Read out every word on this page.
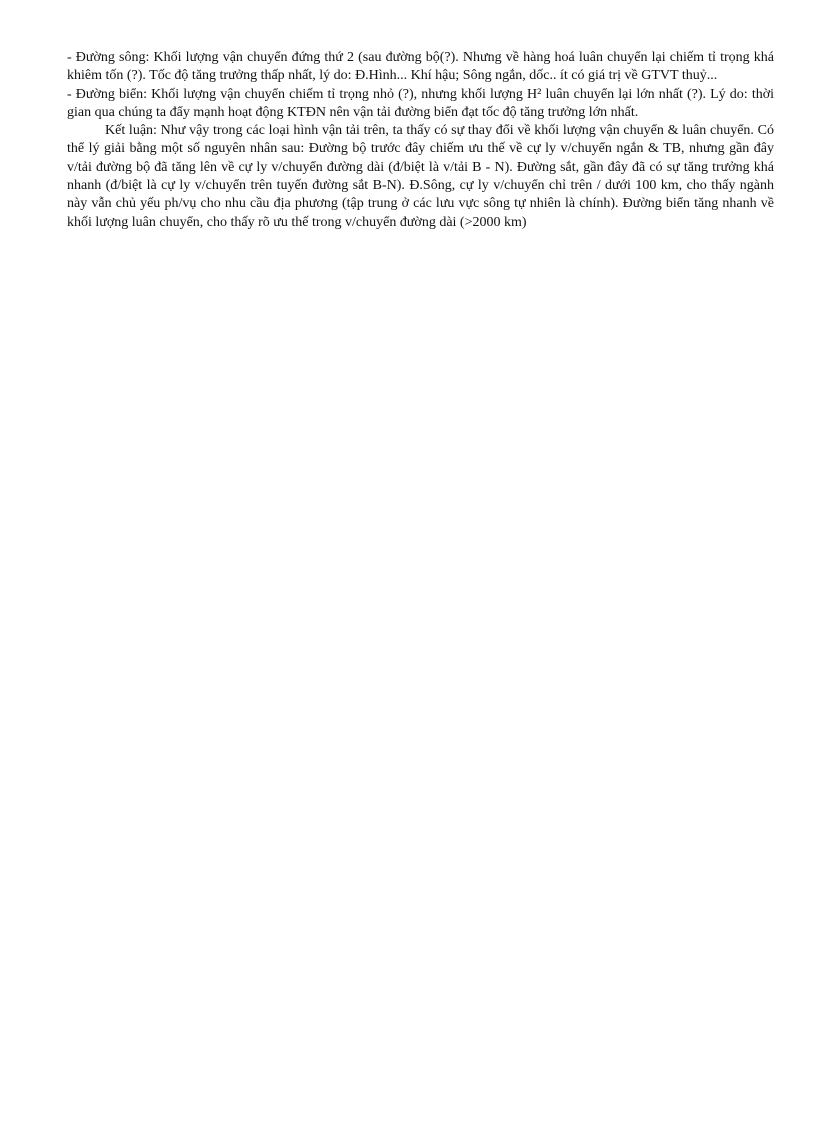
- Đường sông: Khối lượng vận chuyển đứng thứ 2 (sau đường bộ(?). Nhưng về hàng hoá luân chuyển lại chiếm tỉ trọng khá khiêm tốn (?). Tốc độ tăng trưởng thấp nhất, lý do: Đ.Hình... Khí hậu; Sông ngắn, dốc.. ít có giá trị về GTVT thuỷ...

- Đường biển: Khối lượng vận chuyển chiếm tỉ trọng nhỏ (?), nhưng khối lượng H² luân chuyển lại lớn nhất (?). Lý do: thời gian qua chúng ta đẩy mạnh hoạt động KTĐN nên vận tải đường biển đạt tốc độ tăng trưởng lớn nhất.

Kết luận: Như vậy trong các loại hình vận tải trên, ta thấy có sự thay đổi về khối lượng vận chuyển & luân chuyển. Có thể lý giải bằng một số nguyên nhân sau: Đường bộ trước đây chiếm ưu thế về cự ly v/chuyển ngắn & TB, nhưng gần đây v/tải đường bộ đã tăng lên về cự ly v/chuyển đường dài (đ/biệt là v/tải B - N). Đường sắt, gần đây đã có sự tăng trưởng khá nhanh (đ/biệt là cự ly v/chuyển trên tuyến đường sắt B-N). Đ.Sông, cự ly v/chuyển chỉ trên / dưới 100 km, cho thấy ngành này vẫn chủ yếu ph/vụ cho nhu cầu địa phương (tập trung ở các lưu vực sông tự nhiên là chính). Đường biển tăng nhanh về khối lượng luân chuyển, cho thấy rõ ưu thế trong v/chuyển đường dài (>2000 km)
